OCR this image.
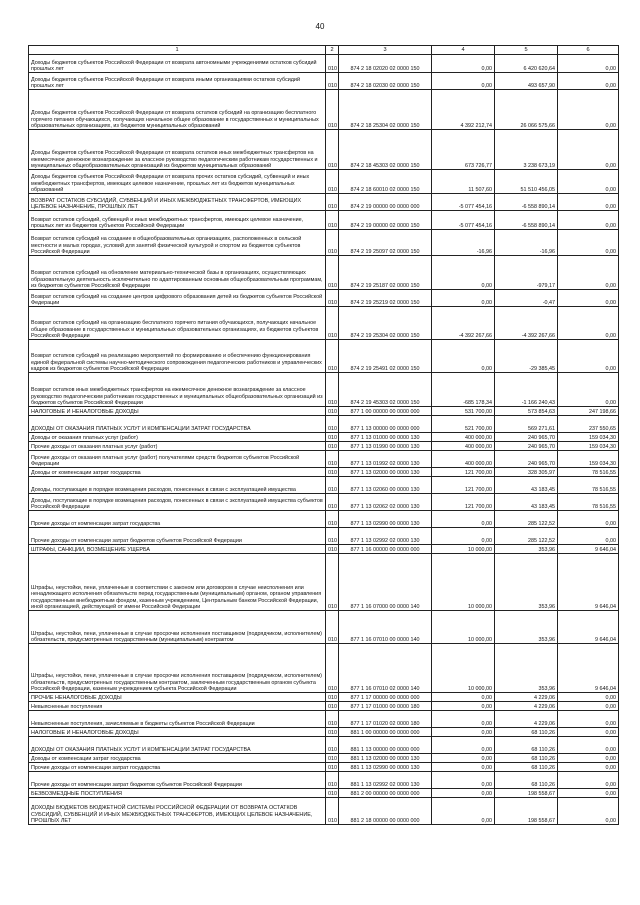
40
1	2	3	4	5	6
Доходы бюджетов субъектов Российской Федерации от возврата автономными учреждениями остатков субсидий прошлых лет	010	874 2 18 02020 02 0000 150	0,00	6 420 620,64	0,00
Доходы бюджетов субъектов Российской Федерации от возврата иными организациями остатков субсидий прошлых лет	010	874 2 18 02030 02 0000 150	0,00	493 657,90	0,00
Доходы бюджетов субъектов Российской Федерации от возврата остатков субсидий на организацию бесплатного горячего питания обучающихся, получающих начальное общее образование в государственных и муниципальных образовательных организациях, из бюджетов муниципальных образований	010	874 2 18 25304 02 0000 150	4 392 212,74	26 066 575,66	0,00
Доходы бюджетов субъектов Российской Федерации от возврата остатков иных межбюджетных трансфертов на ежемесячное денежное вознаграждение за классное руководство педагогическим работникам государственных и муниципальных общеобразовательных организаций из бюджетов муниципальных образований	010	874 2 18 45303 02 0000 150	673 726,77	3 238 673,19	0,00
Доходы бюджетов субъектов Российской Федерации от возврата прочих остатков субсидий, субвенций и иных межбюджетных трансфертов, имеющих целевое назначение, прошлых лет из бюджетов муниципальных образований	010	874 2 18 60010 02 0000 150	11 507,60	51 510 456,05	0,00
ВОЗВРАТ ОСТАТКОВ СУБСИДИЙ, СУБВЕНЦИЙ И ИНЫХ МЕЖБЮДЖЕТНЫХ ТРАНСФЕРТОВ, ИМЕЮЩИХ ЦЕЛЕВОЕ НАЗНАЧЕНИЕ, ПРОШЛЫХ ЛЕТ	010	874 2 19 00000 00 0000 000	-5 077 454,16	-6 558 890,14	0,00
Возврат остатков субсидий, субвенций и иных межбюджетных трансфертов, имеющих целевое назначение, прошлых лет из бюджетов субъектов Российской Федерации	010	874 2 19 00000 02 0000 150	-5 077 454,16	-6 558 890,14	0,00
Возврат остатков субсидий на создание в общеобразовательных организациях, расположенных в сельской местности и малых городах, условий для занятий физической культурой и спортом из бюджетов субъектов Российской Федерации	010	874 2 19 25097 02 0000 150	-16,96	-16,96	0,00
Возврат остатков субсидий на обновление материально-технической базы в организациях, осуществляющих образовательную деятельность исключительно по адаптированным основным общеобразовательным программам, из бюджетов субъектов Российской Федерации	010	874 2 19 25187 02 0000 150	0,00	-979,17	0,00
Возврат остатков субсидий на создание центров цифрового образования детей из бюджетов субъектов Российской Федерации	010	874 2 19 25219 02 0000 150	0,00	-0,47	0,00
Возврат остатков субсидий на организацию бесплатного горячего питания обучающихся, получающих начальное общее образование в государственных и муниципальных образовательных организациях, из бюджетов субъектов Российской Федерации	010	874 2 19 25304 02 0000 150	-4 392 267,66	-4 392 267,66	0,00
Возврат остатков субсидий на реализацию мероприятий по формированию и обеспечению функционирования единой федеральной системы научно-методического сопровождения педагогических работников и управленческих кадров из бюджетов субъектов Российской Федерации	010	874 2 19 25491 02 0000 150	0,00	-29 385,45	0,00
Возврат остатков иных межбюджетных трансфертов на ежемесячное денежное вознаграждение за классное руководство педагогическим работникам государственных и муниципальных общеобразовательных организаций из бюджетов субъектов Российской Федерации	010	874 2 19 45303 02 0000 150	-685 178,34	-1 166 240,43	0,00
НАЛОГОВЫЕ И НЕНАЛОГОВЫЕ ДОХОДЫ	010	877 1 00 00000 00 0000 000	531 700,00	573 854,63	247 198,66
ДОХОДЫ ОТ ОКАЗАНИЯ ПЛАТНЫХ УСЛУГ И КОМПЕНСАЦИИ ЗАТРАТ ГОСУДАРСТВА	010	877 1 13 00000 00 0000 000	521 700,00	569 271,61	237 550,65
Доходы от оказания платных услуг (работ)	010	877 1 13 01000 00 0000 130	400 000,00	240 965,70	159 034,30
Прочие доходы от оказания платных услуг (работ)	010	877 1 13 01990 00 0000 130	400 000,00	240 965,70	159 034,30
Прочие доходы от оказания платных услуг (работ) получателями средств бюджетов субъектов Российской Федерации	010	877 1 13 01992 02 0000 130	400 000,00	240 965,70	159 034,30
Доходы от компенсации затрат государства	010	877 1 13 02000 00 0000 130	121 700,00	328 305,97	78 516,55
Доходы, поступающие в порядке возмещения расходов, понесенных в связи с эксплуатацией имущества	010	877 1 13 02060 00 0000 130	121 700,00	43 183,45	78 516,55
Доходы, поступающие в порядке возмещения расходов, понесенных в связи с эксплуатацией имущества субъектов Российской Федерации	010	877 1 13 02062 02 0000 130	121 700,00	43 183,45	78 516,55
Прочие доходы от компенсации затрат государства	010	877 1 13 02990 00 0000 130	0,00	285 122,52	0,00
Прочие доходы от компенсации затрат бюджетов субъектов Российской Федерации	010	877 1 13 02992 02 0000 130	0,00	285 122,52	0,00
ШТРАФЫ, САНКЦИИ, ВОЗМЕЩЕНИЕ УЩЕРБА	010	877 1 16 00000 00 0000 000	10 000,00	353,96	9 646,04
Штрафы, неустойки, пени, уплаченные в соответствии с законом или договором в случае неисполнения или ненадлежащего исполнения обязательств перед государственным (муниципальным) органом, органом управления государственным внебюджетным фондом, казенным учреждением, Центральным банком Российской Федерации, иной организацией, действующей от имени Российской Федерации	010	877 1 16 07000 00 0000 140	10 000,00	353,96	9 646,04
Штрафы, неустойки, пени, уплаченные в случае просрочки исполнения поставщиком (подрядчиком, исполнителем) обязательств, предусмотренных государственным (муниципальным) контрактом	010	877 1 16 07010 00 0000 140	10 000,00	353,96	9 646,04
Штрафы, неустойки, пени, уплаченные в случае просрочки исполнения поставщиком (подрядчиком, исполнителем) обязательств, предусмотренных государственным контрактом, заключенным государственным органом субъекта Российской Федерации, казенным учреждением субъекта Российской Федерации	010	877 1 16 07010 02 0000 140	10 000,00	353,96	9 646,04
ПРОЧИЕ НЕНАЛОГОВЫЕ ДОХОДЫ	010	877 1 17 00000 00 0000 000	0,00	4 229,06	0,00
Невыясненные поступления	010	877 1 17 01000 00 0000 180	0,00	4 229,06	0,00
Невыясненные поступления, зачисляемые в бюджеты субъектов Российской Федерации	010	877 1 17 01020 02 0000 180	0,00	4 229,06	0,00
НАЛОГОВЫЕ И НЕНАЛОГОВЫЕ ДОХОДЫ	010	881 1 00 00000 00 0000 000	0,00	68 110,26	0,00
ДОХОДЫ ОТ ОКАЗАНИЯ ПЛАТНЫХ УСЛУГ И КОМПЕНСАЦИИ ЗАТРАТ ГОСУДАРСТВА	010	881 1 13 00000 00 0000 000	0,00	68 110,26	0,00
Доходы от компенсации затрат государства	010	881 1 13 02000 00 0000 130	0,00	68 110,26	0,00
Прочие доходы от компенсации затрат государства	010	881 1 13 02990 00 0000 130	0,00	68 110,26	0,00
Прочие доходы от компенсации затрат бюджетов субъектов Российской Федерации	010	881 1 13 02992 02 0000 130	0,00	68 110,26	0,00
БЕЗВОЗМЕЗДНЫЕ ПОСТУПЛЕНИЯ	010	881 2 00 00000 00 0000 000	0,00	198 558,67	0,00
ДОХОДЫ БЮДЖЕТОВ БЮДЖЕТНОЙ СИСТЕМЫ РОССИЙСКОЙ ФЕДЕРАЦИИ ОТ ВОЗВРАТА ОСТАТКОВ СУБСИДИЙ, СУБВЕНЦИЙ И ИНЫХ МЕЖБЮДЖЕТНЫХ ТРАНСФЕРТОВ, ИМЕЮЩИХ ЦЕЛЕВОЕ НАЗНАЧЕНИЕ, ПРОШЛЫХ ЛЕТ	010	881 2 18 00000 00 0000 000	0,00	198 558,67	0,00
